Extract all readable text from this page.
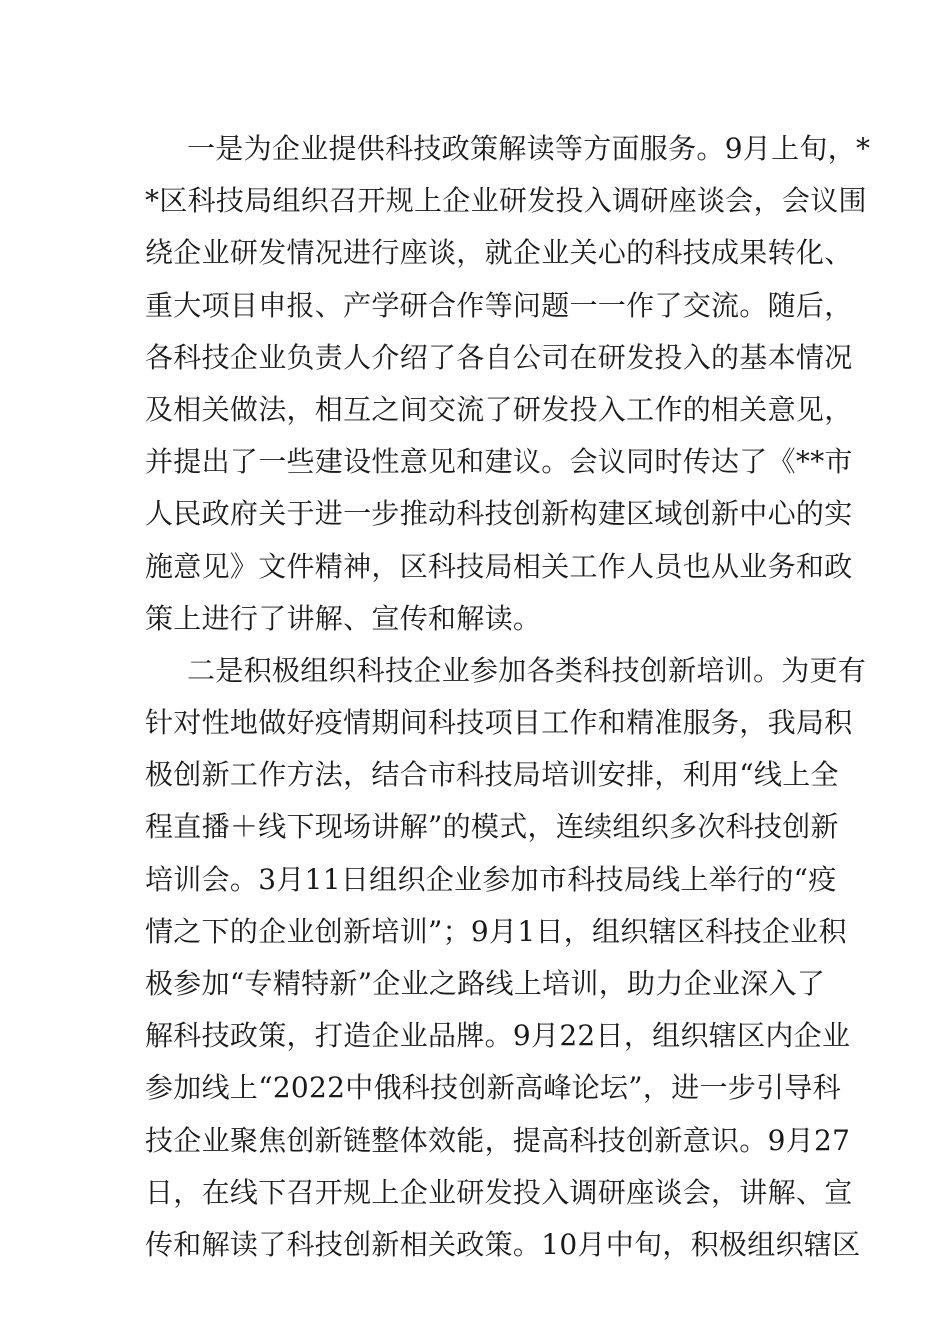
一是为企业提供科技政策解读等方面服务。9月上旬，*
*区科技局组织召开规上企业研发投入调研座谈会，会议围
绕企业研发情况进行座谈，就企业关心的科技成果转化、
重大项目申报、产学研合作等问题一一作了交流。随后，
各科技企业负责人介绍了各自公司在研发投入的基本情况
及相关做法，相互之间交流了研发投入工作的相关意见，
并提出了一些建设性意见和建议。会议同时传达了《**市
人民政府关于进一步推动科技创新构建区域创新中心的实
施意见》文件精神，区科技局相关工作人员也从业务和政
策上进行了讲解、宣传和解读。
二是积极组织科技企业参加各类科技创新培训。为更有
针对性地做好疫情期间科技项目工作和精准服务，我局积
极创新工作方法，结合市科技局培训安排，利用“线上全
程直播＋线下现场讲解”的模式，连续组织多次科技创新
培训会。3月11日组织企业参加市科技局线上举行的“疫
情之下的企业创新培训”；9月1日，组织辖区科技企业积
极参加“专精特新”企业之路线上培训，助力企业深入了
解科技政策，打造企业品牌。9月22日，组织辖区内企业
参加线上“2022中俄科技创新高峰论坛”，进一步引导科
技企业聚焦创新链整体效能，提高科技创新意识。9月27
日，在线下召开规上企业研发投入调研座谈会，讲解、宣
传和解读了科技创新相关政策。10月中旬，积极组织辖区
